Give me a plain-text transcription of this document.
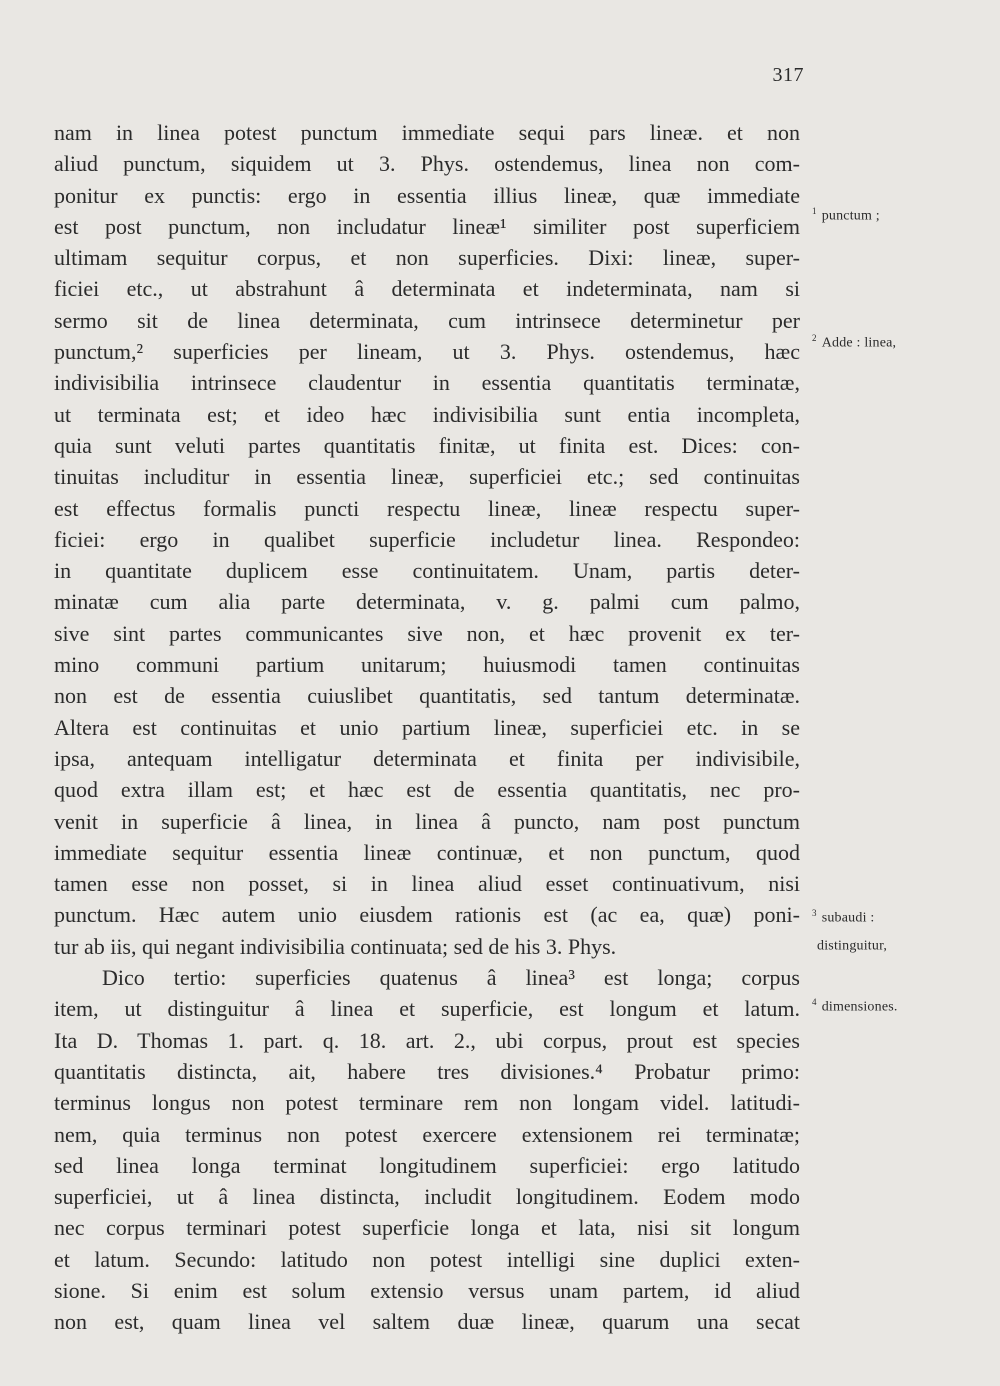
317
nam in linea potest punctum immediate sequi pars lineæ. et non
aliud punctum, siquidem ut 3. Phys. ostendemus, linea non com-
ponitur ex punctis: ergo in essentia illius lineæ, quæ immediate
est post punctum, non includatur lineæ¹ similiter post superficiem
ultimam sequitur corpus, et non superficies. Dixi: lineæ, super-
ficiei etc., ut abstrahunt â determinata et indeterminata, nam si
sermo sit de linea determinata, cum intrinsece determinetur per
punctum,² superficies per lineam, ut 3. Phys. ostendemus, hæc
indivisibilia intrinsece claudentur in essentia quantitatis terminatæ,
ut terminata est; et ideo hæc indivisibilia sunt entia incompleta,
quia sunt veluti partes quantitatis finitæ, ut finita est. Dices: con-
tinuitas includitur in essentia lineæ, superficiei etc.; sed continuitas
est effectus formalis puncti respectu lineæ, lineæ respectu super-
ficiei: ergo in qualibet superficie includetur linea. Respondeo:
in quantitate duplicem esse continuitatem. Unam, partis deter-
minatæ cum alia parte determinata, v. g. palmi cum palmo,
sive sint partes communicantes sive non, et hæc provenit ex ter-
mino communi partium unitarum; huiusmodi tamen continuitas
non est de essentia cuiuslibet quantitatis, sed tantum determinatæ.
Altera est continuitas et unio partium lineæ, superficiei etc. in se
ipsa, antequam intelligatur determinata et finita per indivisibile,
quod extra illam est; et hæc est de essentia quantitatis, nec pro-
venit in superficie â linea, in linea â puncto, nam post punctum
immediate sequitur essentia lineæ continuæ, et non punctum, quod
tamen esse non posset, si in linea aliud esset continuativum, nisi
punctum. Hæc autem unio eiusdem rationis est (ac ea, quæ) poni-
tur ab iis, qui negant indivisibilia continuata; sed de his 3. Phys.
Dico tertio: superficies quatenus â linea³ est longa; corpus
item, ut distinguitur â linea et superficie, est longum et latum.
Ita D. Thomas 1. part. q. 18. art. 2., ubi corpus, prout est species
quantitatis distincta, ait, habere tres divisiones.⁴ Probatur primo:
terminus longus non potest terminare rem non longam videl. latitudi-
nem, quia terminus non potest exercere extensionem rei terminatæ;
sed linea longa terminat longitudinem superficiei: ergo latitudo
superficiei, ut â linea distincta, includit longitudinem. Eodem modo
nec corpus terminari potest superficie longa et lata, nisi sit longum
et latum. Secundo: latitudo non potest intelligi sine duplici exten-
sione. Si enim est solum extensio versus unam partem, id aliud
non est, quam linea vel saltem duæ lineæ, quarum una secat
$^1$ punctum ;
$^2$ Adde : linea,
$^3$ subaudi :
distinguitur,
$^4$ dimensiones.
